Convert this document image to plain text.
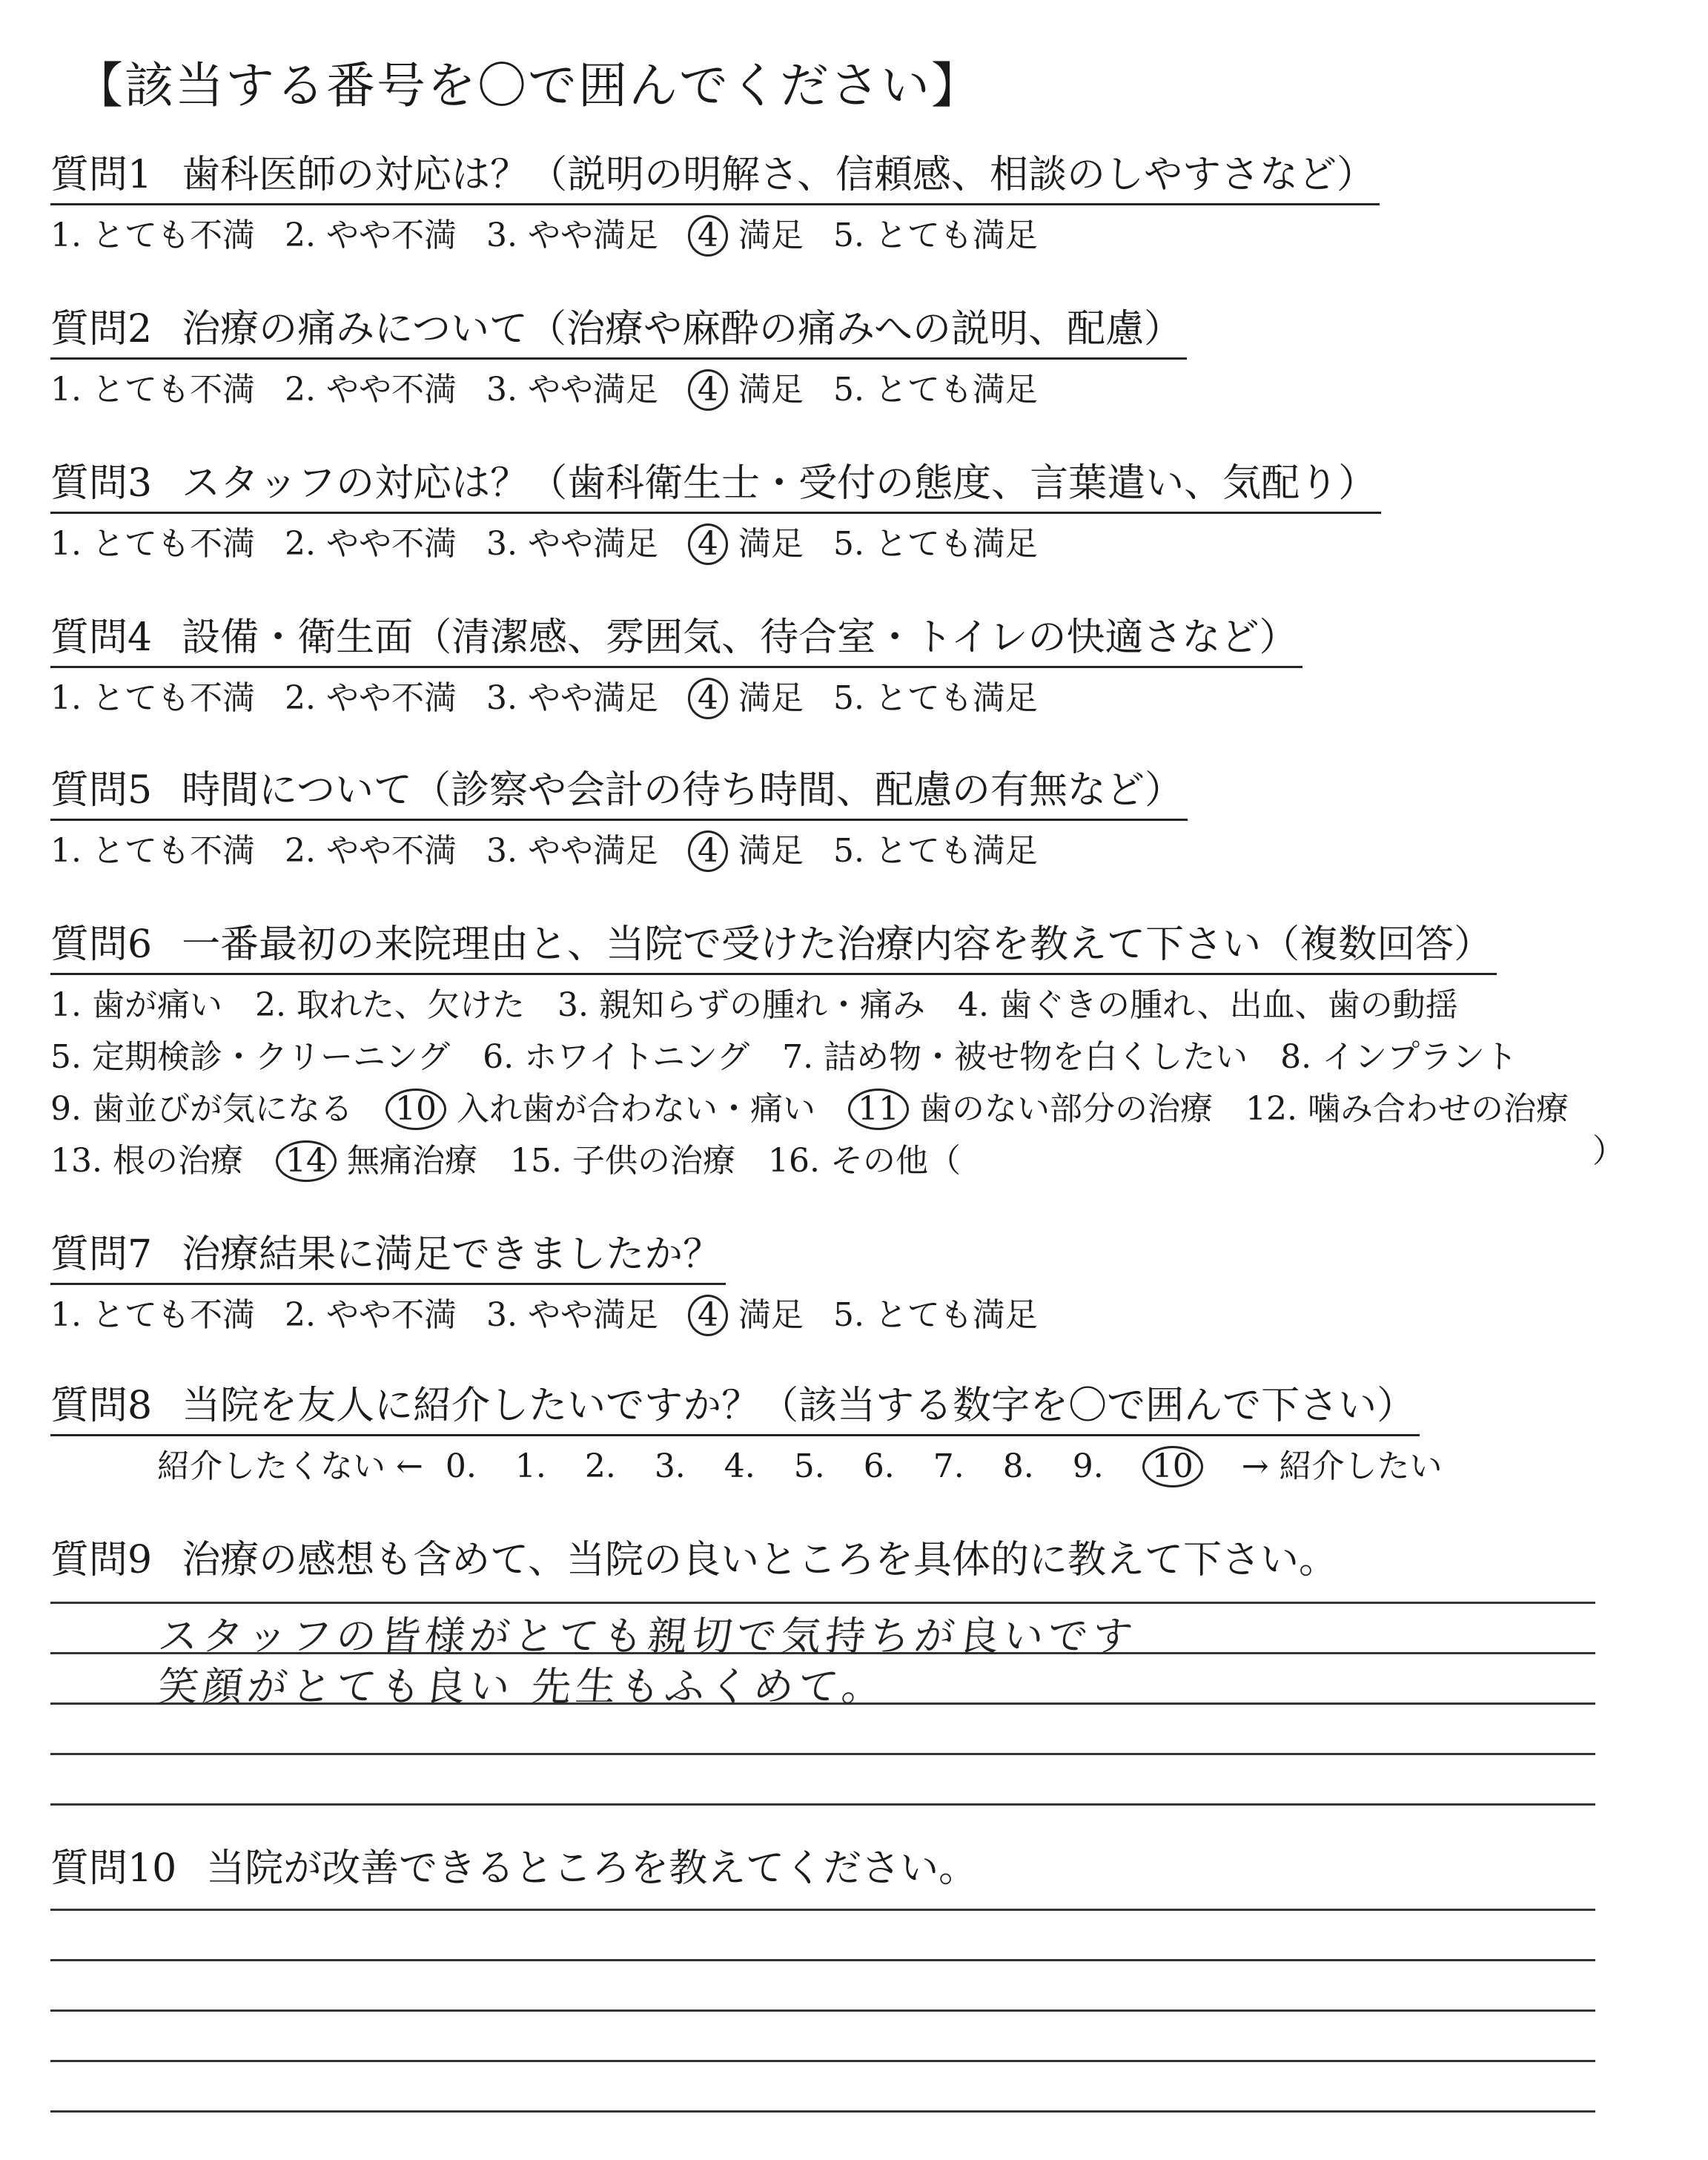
【該当する番号を〇で囲んでください】
質問1 歯科医師の対応は？（説明の明解さ、信頼感、相談のしやすさなど）
1. とても不満 2. やや不満 3. やや満足 4 満足 5. とても満足
質問2 治療の痛みについて（治療や麻酔の痛みへの説明、配慮）
1. とても不満 2. やや不満 3. やや満足 4 満足 5. とても満足
質問3 スタッフの対応は？（歯科衛生士・受付の態度、言葉遣い、気配り）
1. とても不満 2. やや不満 3. やや満足 4 満足 5. とても満足
質問4 設備・衛生面（清潔感、雰囲気、待合室・トイレの快適さなど）
1. とても不満 2. やや不満 3. やや満足 4 満足 5. とても満足
質問5 時間について（診察や会計の待ち時間、配慮の有無など）
1. とても不満 2. やや不満 3. やや満足 4 満足 5. とても満足
質問7 治療結果に満足できましたか？
1. とても不満 2. やや不満 3. やや満足 4 満足 5. とても満足
質問6 一番最初の来院理由と、当院で受けた治療内容を教えて下さい（複数回答）
1. 歯が痛い 2. 取れた、欠けた 3. 親知らずの腫れ・痛み 4. 歯ぐきの腫れ、出血、歯の動揺
5. 定期検診・クリーニング 6. ホワイトニング 7. 詰め物・被せ物を白くしたい 8. インプラント
9. 歯並びが気になる 10 入れ歯が合わない・痛い 11 歯のない部分の治療 12. 噛み合わせの治療
13. 根の治療 14 無痛治療 15. 子供の治療 16. その他（	）
質問8 当院を友人に紹介したいですか？（該当する数字を〇で囲んで下さい）
紹介したくない ← 0. 1. 2. 3. 4. 5. 6. 7. 8. 9. 10 → 紹介したい
質問9 治療の感想も含めて、当院の良いところを具体的に教えて下さい。
スタッフの皆様がとても親切で気持ちが良いです
笑顔がとても良い 先生もふくめて。
質問10 当院が改善できるところを教えてください。
